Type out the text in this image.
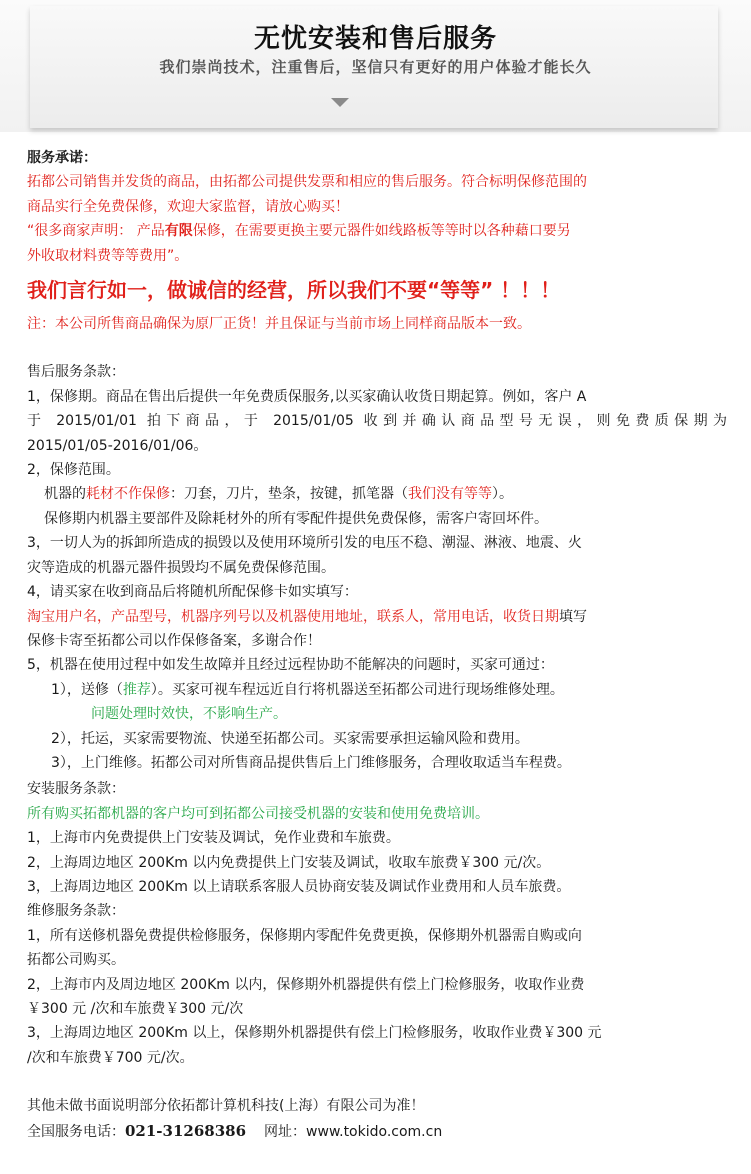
无忧安装和售后服务
我们崇尚技术，注重售后，坚信只有更好的用户体验才能长久

服务承诺：

拓都公司销售并发货的商品，由拓都公司提供发票和相应的售后服务。符合标明保修范围的

商品实行全免费保修，欢迎大家监督，请放心购买！

“很多商家声明： 产品有限保修，在需要更换主要元器件如线路板等等时以各种藉口要另

外收取材料费等等费用”。

我们言行如一，做诚信的经营，所以我们不要“等等” ！！！

注：本公司所售商品确保为原厂正货！并且保证与当前市场上同样商品版本一致。

售后服务条款：

1，保修期。商品在售出后提供一年免费质保服务,以买家确认收货日期起算。例如，客户 A

于 2015/01/01 拍下商品，于 2015/01/05 收到并确认商品型号无误，则免费质保期为

2015/01/05-2016/01/06。

2，保修范围。

机器的耗材不作保修：刀套，刀片，垫条，按键，抓笔器（我们没有等等）。

保修期内机器主要部件及除耗材外的所有零配件提供免费保修，需客户寄回坏件。

3，一切人为的拆卸所造成的损毁以及使用环境所引发的电压不稳、潮湿、淋液、地震、火

灾等造成的机器元器件损毁均不属免费保修范围。

4，请买家在收到商品后将随机所配保修卡如实填写：

淘宝用户名，产品型号，机器序列号以及机器使用地址，联系人，常用电话，收货日期填写

保修卡寄至拓都公司以作保修备案，多谢合作！

5，机器在使用过程中如发生故障并且经过远程协助不能解决的问题时，买家可通过：

1），送修（推荐）。买家可视车程远近自行将机器送至拓都公司进行现场维修处理。

问题处理时效快，不影响生产。

2），托运，买家需要物流、快递至拓都公司。买家需要承担运输风险和费用。

3），上门维修。拓都公司对所售商品提供售后上门维修服务，合理收取适当车程费。

安装服务条款：

所有购买拓都机器的客户均可到拓都公司接受机器的安装和使用免费培训。

1，上海市内免费提供上门安装及调试，免作业费和车旅费。

2，上海周边地区 200Km 以内免费提供上门安装及调试，收取车旅费￥300 元/次。

3，上海周边地区 200Km 以上请联系客服人员协商安装及调试作业费用和人员车旅费。

维修服务条款：

1，所有送修机器免费提供检修服务，保修期内零配件免费更换，保修期外机器需自购或向

拓都公司购买。

2，上海市内及周边地区 200Km 以内，保修期外机器提供有偿上门检修服务，收取作业费

￥300 元 /次和车旅费￥300 元/次

3，上海周边地区 200Km 以上，保修期外机器提供有偿上门检修服务，收取作业费￥300 元

/次和车旅费￥700 元/次。

其他未做书面说明部分依拓都计算机科技(上海）有限公司为准！

全国服务电话：021-31268386 网址：www.tokido.com.cn
